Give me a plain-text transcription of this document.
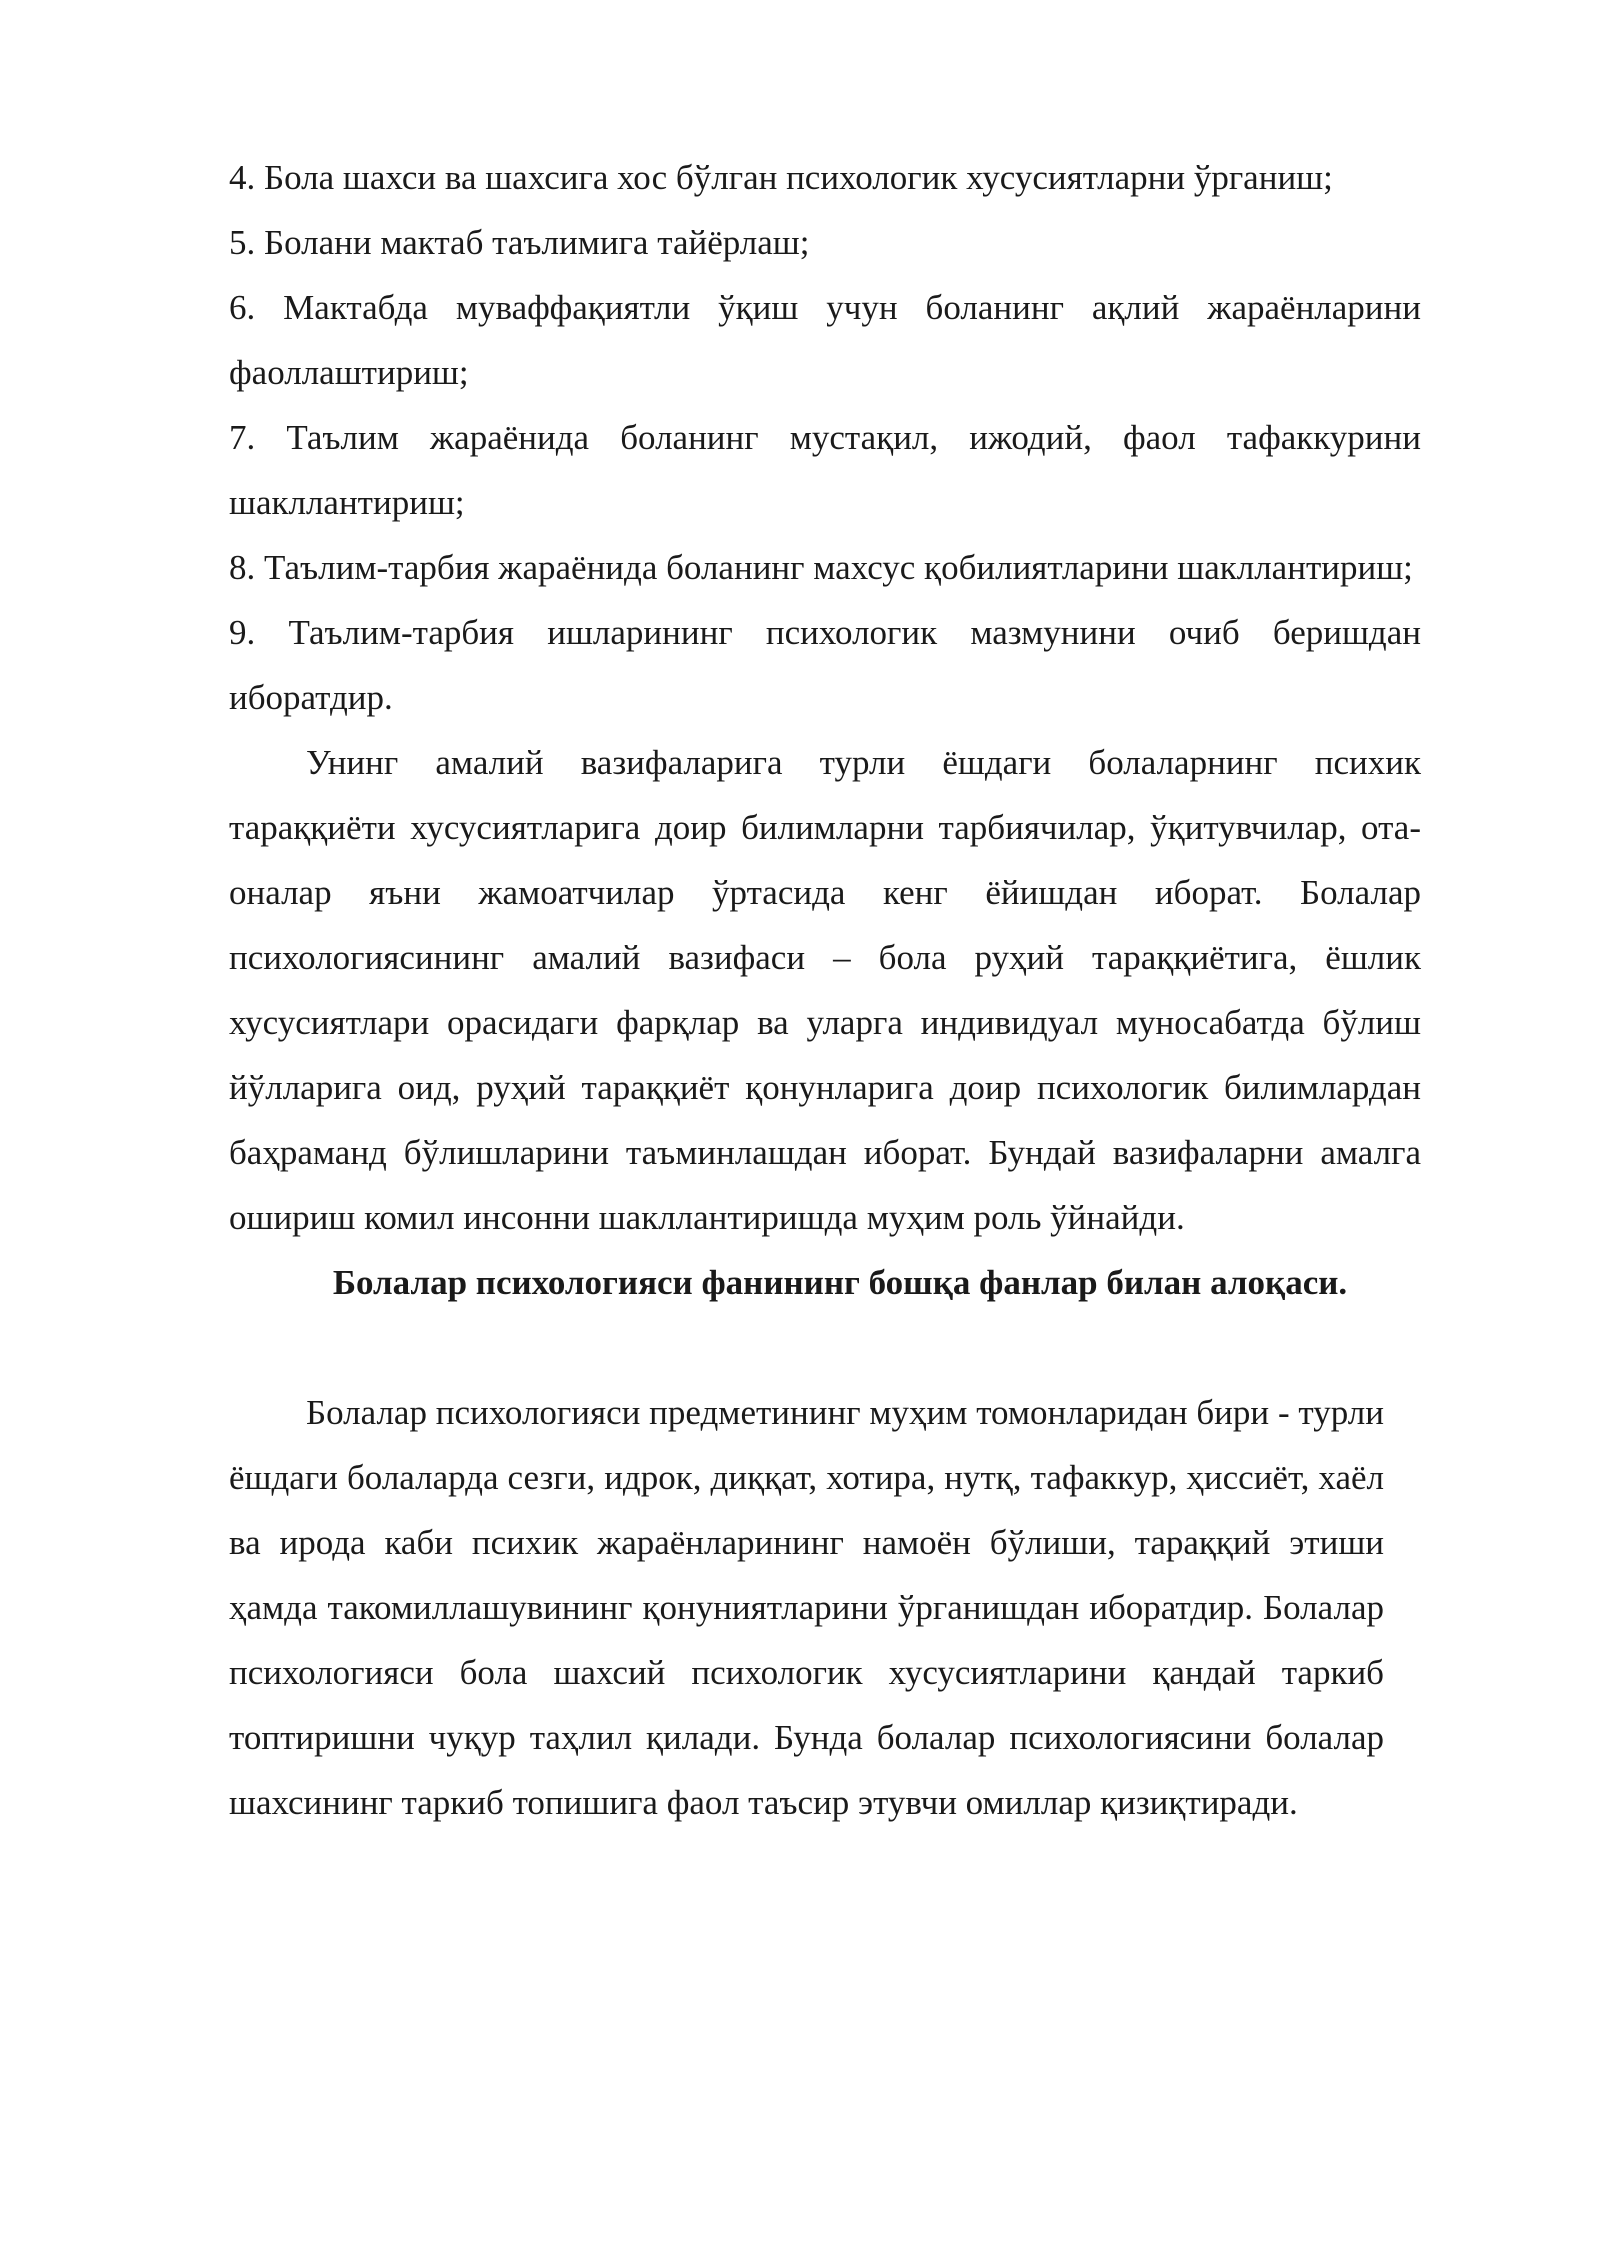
4. Бола шахси ва шахсига хос бўлган психологик хусусиятларни ўрганиш;

5. Болани мактаб таълимига тайёрлаш;

6. Мактабда муваффақиятли ўқиш учун боланинг ақлий жараёнларини фаоллаштириш;

7. Таълим жараёнида боланинг мустақил, ижодий, фаол тафаккурини шакллантириш;

8. Таълим-тарбия жараёнида боланинг махсус қобилиятларини шакллантириш;

9. Таълим-тарбия ишларининг психологик мазмунини очиб беришдан иборатдир.

Унинг амалий вазифаларига турли ёшдаги болаларнинг психик тараққиёти хусусиятларига доир билимларни тарбиячилар, ўқитувчилар, ота-оналар яъни жамоатчилар ўртасида кенг ёйишдан иборат. Болалар психологиясининг амалий вазифаси – бола руҳий тараққиётига, ёшлик хусусиятлари орасидаги фарқлар ва уларга индивидуал муносабатда бўлиш йўлларига оид, руҳий тараққиёт қонунларига доир психологик билимлардан баҳраманд бўлишларини таъминлашдан иборат. Бундай вазифаларни амалга ошириш комил инсонни шакллантиришда муҳим роль ўйнайди.

Болалар психологияси фанининг бошқа фанлар билан алоқаси.

Болалар психологияси предметининг муҳим томонларидан бири - турли ёшдаги болаларда сезги, идрок, диққат, хотира, нутқ, тафаккур, ҳиссиёт, хаёл ва ирода каби психик жараёнларининг намоён бўлиши, тараққий этиши ҳамда такомиллашувининг қонуниятларини ўрганишдан иборатдир. Болалар психологияси бола шахсий психологик хусусиятларини қандай таркиб топтиришни чуқур таҳлил қилади. Бунда болалар психологиясини болалар шахсининг таркиб топишига фаол таъсир этувчи омиллар қизиқтиради.
